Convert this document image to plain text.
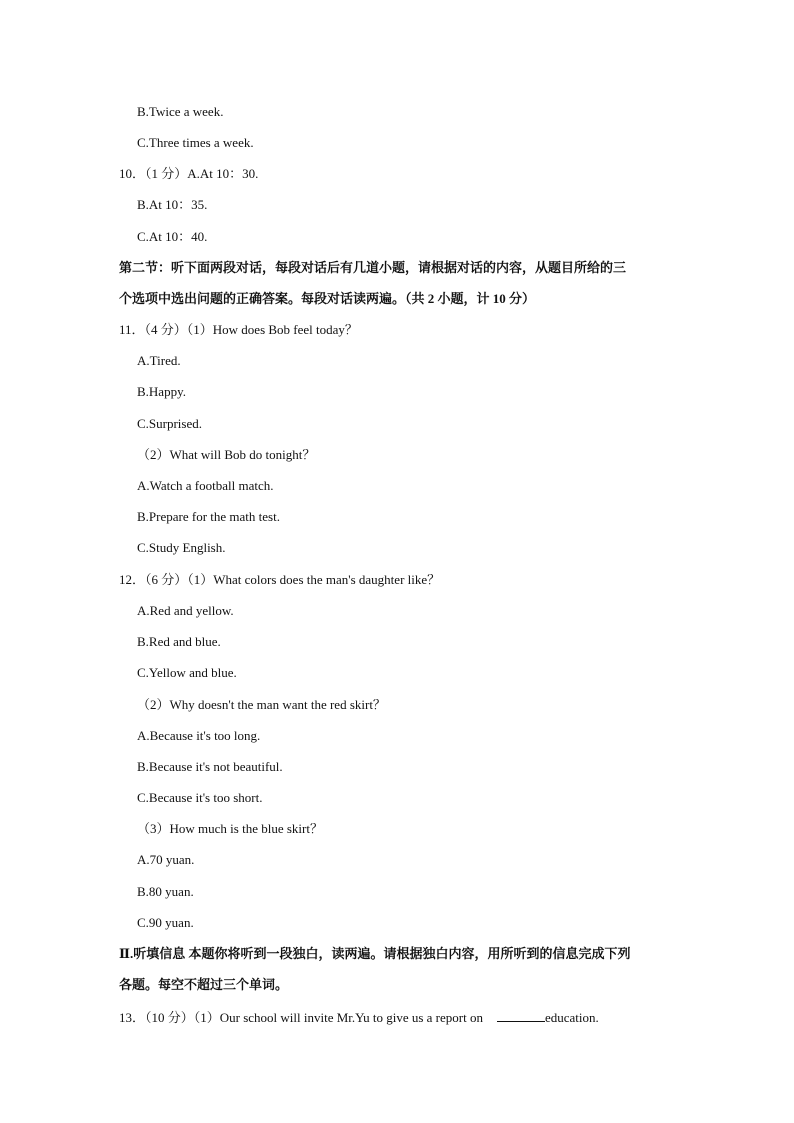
B.Twice a week.
C.Three times a week.
10．（1 分）A.At 10：30.
B.At 10：35.
C.At 10：40.
第二节：听下面两段对话，每段对话后有几道小题，请根据对话的内容，从题目所给的三
个选项中选出问题的正确答案。每段对话读两遍。（共 2 小题，计 10 分）
11．（4 分）（1）How does Bob feel today？
A.Tired.
B.Happy.
C.Surprised.
（2）What will Bob do tonight？
A.Watch a football match.
B.Prepare for the math test.
C.Study English.
12．（6 分）（1）What colors does the man's daughter like？
A.Red and yellow.
B.Red and blue.
C.Yellow and blue.
（2）Why doesn't the man want the red skirt？
A.Because it's too long.
B.Because it's not beautiful.
C.Because it's too short.
（3）How much is the blue skirt？
A.70 yuan.
B.80 yuan.
C.90 yuan.
Ⅱ.听填信息 本题你将听到一段独白，读两遍。请根据独白内容，用所听到的信息完成下列
各题。每空不超过三个单词。
13．（10 分）（1）Our school will invite Mr.Yu to give us a report on	education.
